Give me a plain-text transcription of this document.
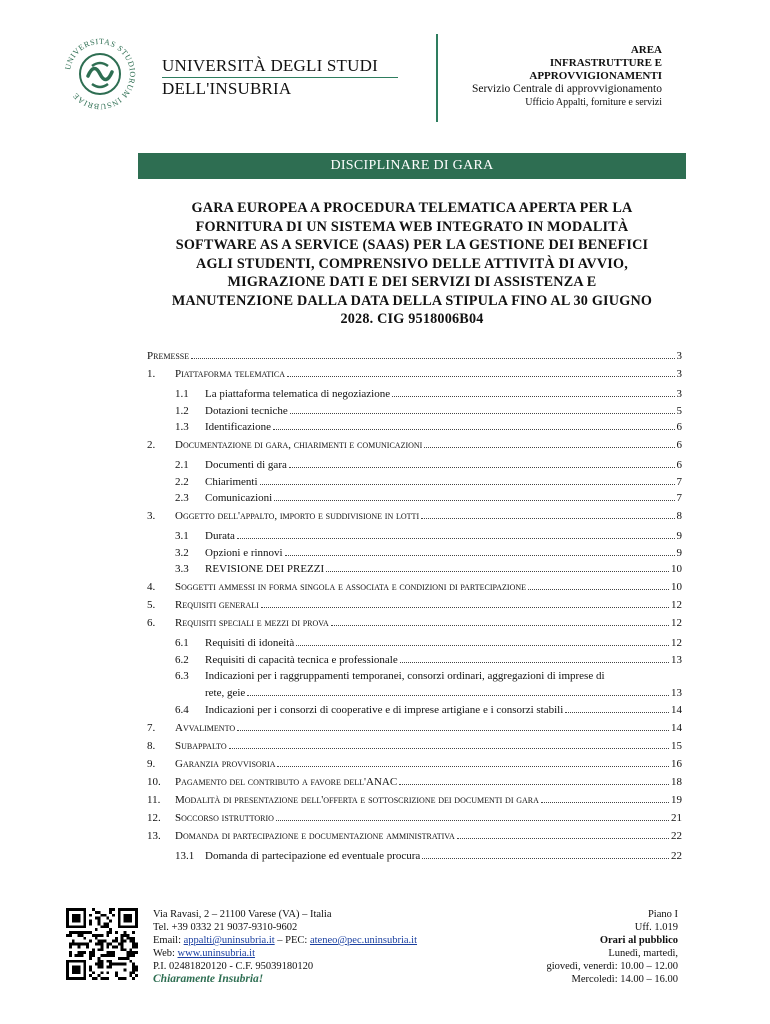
UNIVERSITAS STUDIORUM INSUBRIAE
UNIVERSITÀ DEGLI STUDI
DELL'INSUBRIA
AREA
INFRASTRUTTURE E
APPROVVIGIONAMENTI
Servizio Centrale di approvvigionamento
Ufficio Appalti, forniture e servizi
DISCIPLINARE DI GARA
GARA EUROPEA A PROCEDURA TELEMATICA APERTA PER LA
FORNITURA DI UN SISTEMA WEB INTEGRATO IN MODALITÀ
SOFTWARE AS A SERVICE (SAAS) PER LA GESTIONE DEI BENEFICI
AGLI STUDENTI, COMPRENSIVO DELLE ATTIVITÀ DI AVVIO,
MIGRAZIONE DATI E DEI SERVIZI DI ASSISTENZA E
MANUTENZIONE DALLA DATA DELLA STIPULA FINO AL 30 GIUGNO
2028. CIG 9518006B04
Premesse	3
1.	Piattaforma telematica	3
1.1	La piattaforma telematica di negoziazione	3
1.2	Dotazioni tecniche	5
1.3	Identificazione	6
2.	Documentazione di gara, chiarimenti e comunicazioni	6
2.1	Documenti di gara	6
2.2	Chiarimenti	7
2.3	Comunicazioni	7
3.	Oggetto dell'appalto, importo e suddivisione in lotti	8
3.1	Durata	9
3.2	Opzioni e rinnovi	9
3.3	REVISIONE DEI PREZZI	10
4.	Soggetti ammessi in forma singola e associata e condizioni di partecipazione	10
5.	Requisiti generali	12
6.	Requisiti speciali e mezzi di prova	12
6.1	Requisiti di idoneità	12
6.2	Requisiti di capacità tecnica e professionale	13
6.3	Indicazioni per i raggruppamenti temporanei, consorzi ordinari, aggregazioni di imprese di
rete, geie	13
6.4	Indicazioni per i consorzi di cooperative e di imprese artigiane e i consorzi stabili	14
7.	Avvalimento	14
8.	Subappalto	15
9.	Garanzia provvisoria	16
10.	Pagamento del contributo a favore dell'ANAC	18
11.	Modalità di presentazione dell'offerta e sottoscrizione dei documenti di gara	19
12.	Soccorso istruttorio	21
13.	Domanda di partecipazione e documentazione amministrativa	22
13.1 Domanda di partecipazione ed eventuale procura	22
Via Ravasi, 2 – 21100 Varese (VA) – Italia
Tel. +39 0332 21 9037-9310-9602
Email: appalti@uninsubria.it – PEC: ateneo@pec.uninsubria.it
Web: www.uninsubria.it
P.I. 02481820120 - C.F. 95039180120
Chiaramente Insubria!
Piano I
Uff. 1.019
Orari al pubblico
Lunedì, martedì,
giovedì, venerdì: 10.00 – 12.00
Mercoledì: 14.00 – 16.00
